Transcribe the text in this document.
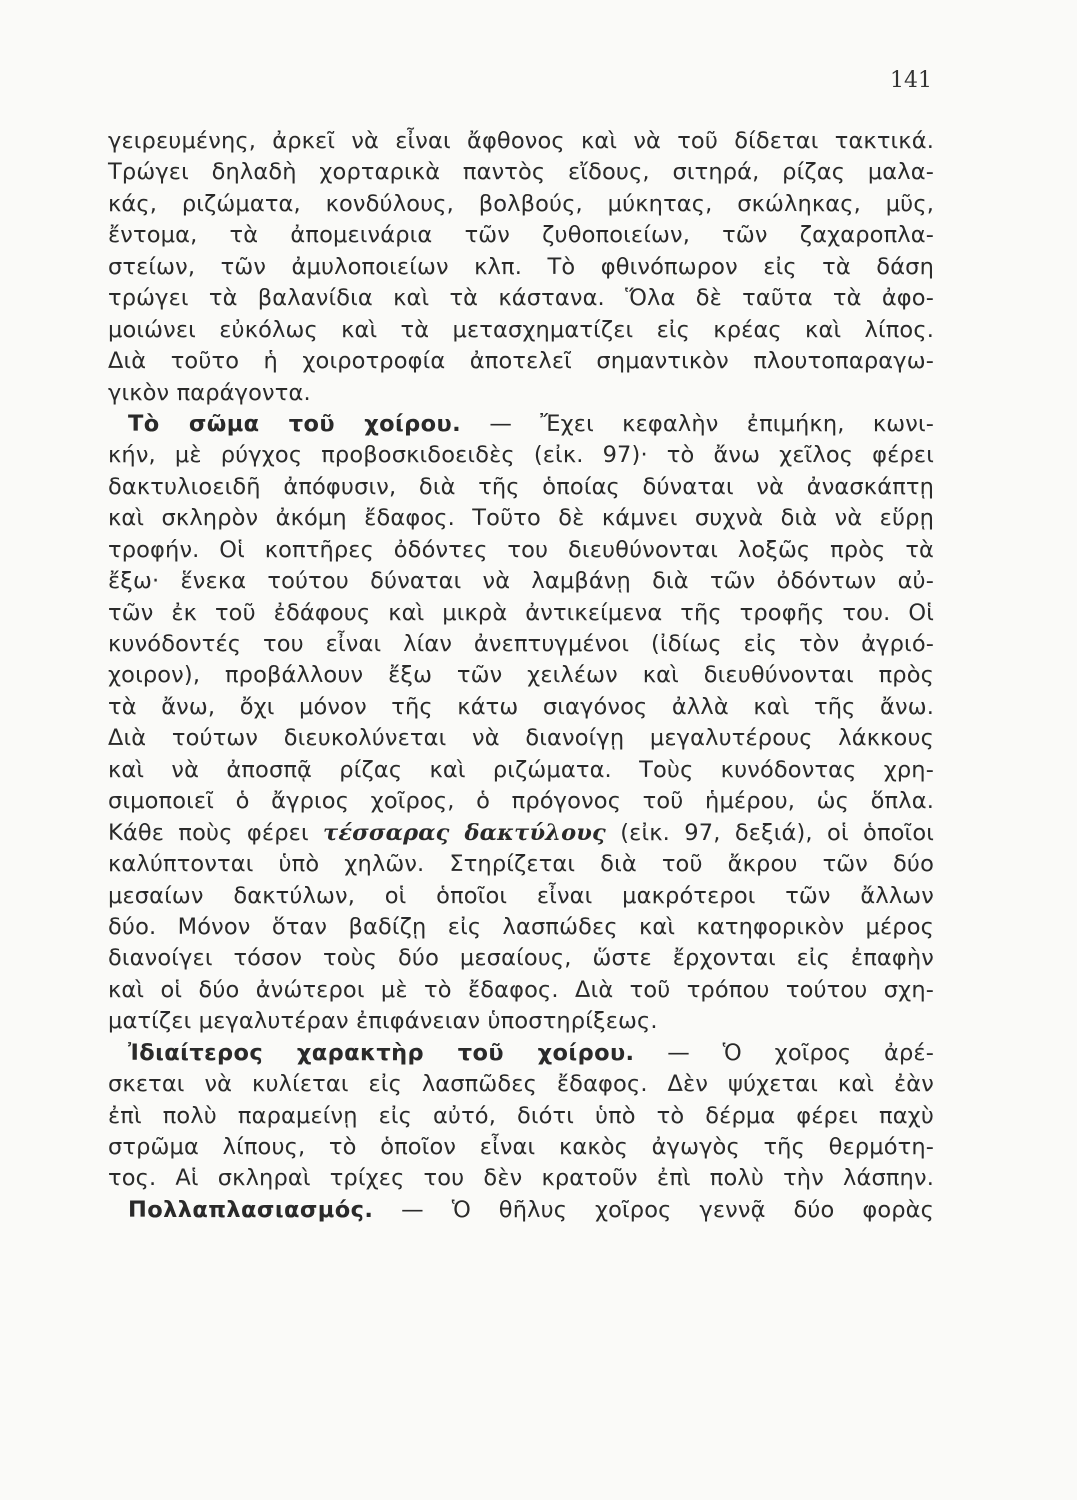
141
γειρευμένης, ἀρκεῖ νὰ εἶναι ἄφθονος καὶ νὰ τοῦ δίδεται τακτικά.
Τρώγει δηλαδὴ χορταρικὰ παντὸς εἴδους, σιτηρά, ρίζας μαλα-
κάς, ριζώματα, κονδύλους, βολβούς, μύκητας, σκώληκας, μῦς,
ἔντομα, τὰ ἀπομεινάρια τῶν ζυθοποιείων, τῶν ζαχαροπλα-
στείων, τῶν ἀμυλοποιείων κλπ. Τὸ φθινόπωρον εἰς τὰ δάση
τρώγει τὰ βαλανίδια καὶ τὰ κάστανα. Ὅλα δὲ ταῦτα τὰ ἀφο-
μοιώνει εὐκόλως καὶ τὰ μετασχηματίζει εἰς κρέας καὶ λίπος.
Διὰ τοῦτο ἡ χοιροτροφία ἀποτελεῖ σημαντικὸν πλουτοπαραγω-
γικὸν παράγοντα.
Τὸ σῶμα τοῦ χοίρου. — Ἔχει κεφαλὴν ἐπιμήκη, κωνι-
κήν, μὲ ρύγχος προβοσκιδοειδὲς (εἰκ. 97)· τὸ ἄνω χεῖλος φέρει
δακτυλιοειδῆ ἀπόφυσιν, διὰ τῆς ὁποίας δύναται νὰ ἀνασκάπτῃ
καὶ σκληρὸν ἀκόμη ἔδαφος. Τοῦτο δὲ κάμνει συχνὰ διὰ νὰ εὕρῃ
τροφήν. Οἱ κοπτῆρες ὀδόντες του διευθύνονται λοξῶς πρὸς τὰ
ἔξω· ἕνεκα τούτου δύναται νὰ λαμβάνῃ διὰ τῶν ὀδόντων αὐ-
τῶν ἐκ τοῦ ἐδάφους καὶ μικρὰ ἀντικείμενα τῆς τροφῆς του. Οἱ
κυνόδοντές του εἶναι λίαν ἀνεπτυγμένοι (ἰδίως εἰς τὸν ἀγριό-
χοιρον), προβάλλουν ἔξω τῶν χειλέων καὶ διευθύνονται πρὸς
τὰ ἄνω, ὄχι μόνον τῆς κάτω σιαγόνος ἀλλὰ καὶ τῆς ἄνω.
Διὰ τούτων διευκολύνεται νὰ διανοίγῃ μεγαλυτέρους λάκκους
καὶ νὰ ἀποσπᾷ ρίζας καὶ ριζώματα. Τοὺς κυνόδοντας χρη-
σιμοποιεῖ ὁ ἄγριος χοῖρος, ὁ πρόγονος τοῦ ἡμέρου, ὡς ὅπλα.
Κάθε ποὺς φέρει τέσσαρας δακτύλους (εἰκ. 97, δεξιά), οἱ ὁποῖοι
καλύπτονται ὑπὸ χηλῶν. Στηρίζεται διὰ τοῦ ἄκρου τῶν δύο
μεσαίων δακτύλων, οἱ ὁποῖοι εἶναι μακρότεροι τῶν ἄλλων
δύο. Μόνον ὅταν βαδίζῃ εἰς λασπώδες καὶ κατηφορικὸν μέρος
διανοίγει τόσον τοὺς δύο μεσαίους, ὥστε ἔρχονται εἰς ἐπαφὴν
καὶ οἱ δύο ἀνώτεροι μὲ τὸ ἔδαφος. Διὰ τοῦ τρόπου τούτου σχη-
ματίζει μεγαλυτέραν ἐπιφάνειαν ὑποστηρίξεως.
Ἰδιαίτερος χαρακτὴρ τοῦ χοίρου. — Ὁ χοῖρος ἀρέ-
σκεται νὰ κυλίεται εἰς λασπῶδες ἔδαφος. Δὲν ψύχεται καὶ ἐὰν
ἐπὶ πολὺ παραμείνῃ εἰς αὐτό, διότι ὑπὸ τὸ δέρμα φέρει παχὺ
στρῶμα λίπους, τὸ ὁποῖον εἶναι κακὸς ἀγωγὸς τῆς θερμότη-
τος. Αἱ σκληραὶ τρίχες του δὲν κρατοῦν ἐπὶ πολὺ τὴν λάσπην.
Πολλαπλασιασμός. — Ὁ θῆλυς χοῖρος γεννᾷ δύο φορὰς
